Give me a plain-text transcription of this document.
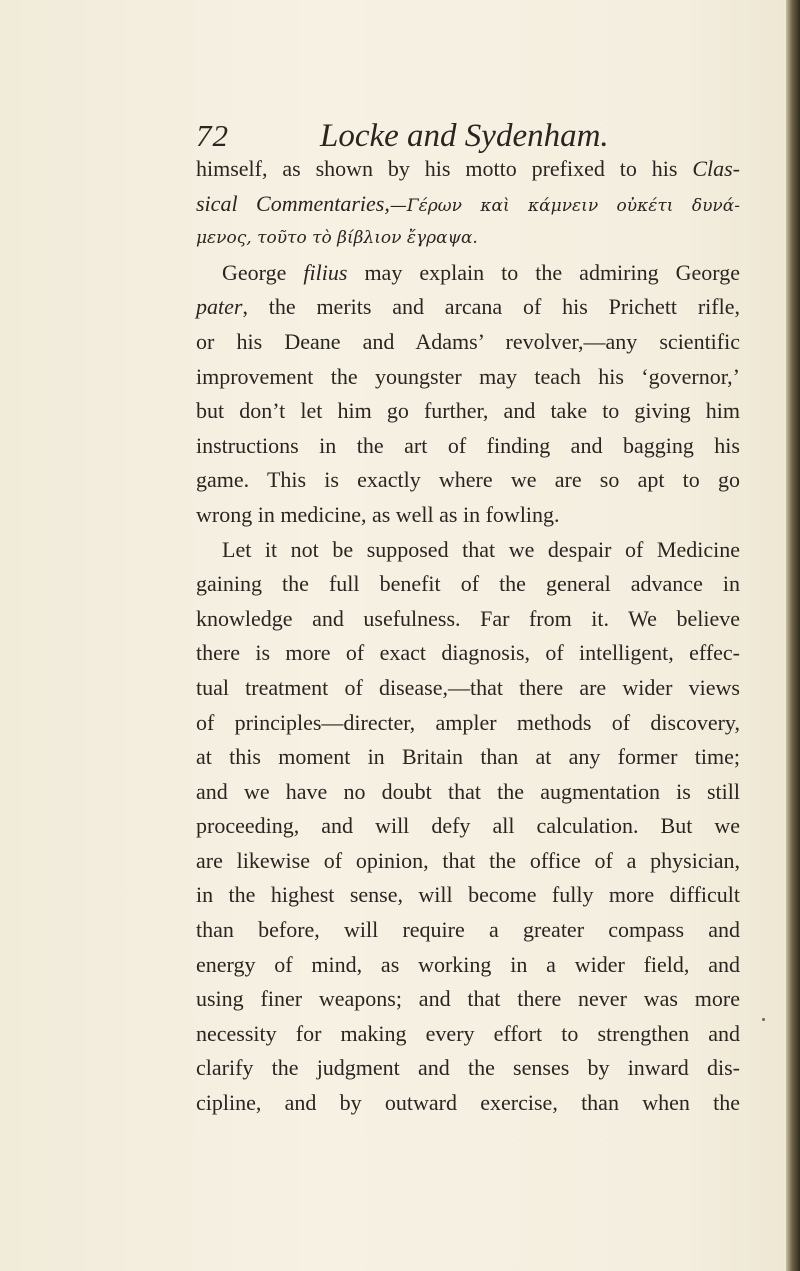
72	Locke and Sydenham.
himself, as shown by his motto prefixed to his Clas-
sical Commentaries,—Γέρων καὶ κάμνειν οὐκέτι δυνά-
μενος, τοῦτο τὸ βίβλιον ἔγραψα.
George filius may explain to the admiring George
pater, the merits and arcana of his Prichett rifle,
or his Deane and Adams’ revolver,—any scientific
improvement the youngster may teach his ‘governor,’
but don’t let him go further, and take to giving him
instructions in the art of finding and bagging his
game. This is exactly where we are so apt to go
wrong in medicine, as well as in fowling.
Let it not be supposed that we despair of Medicine
gaining the full benefit of the general advance in
knowledge and usefulness. Far from it. We believe
there is more of exact diagnosis, of intelligent, effec-
tual treatment of disease,—that there are wider views
of principles—directer, ampler methods of discovery,
at this moment in Britain than at any former time;
and we have no doubt that the augmentation is still
proceeding, and will defy all calculation. But we
are likewise of opinion, that the office of a physician,
in the highest sense, will become fully more difficult
than before, will require a greater compass and
energy of mind, as working in a wider field, and
using finer weapons; and that there never was more
necessity for making every effort to strengthen and
clarify the judgment and the senses by inward dis-
cipline, and by outward exercise, than when the
